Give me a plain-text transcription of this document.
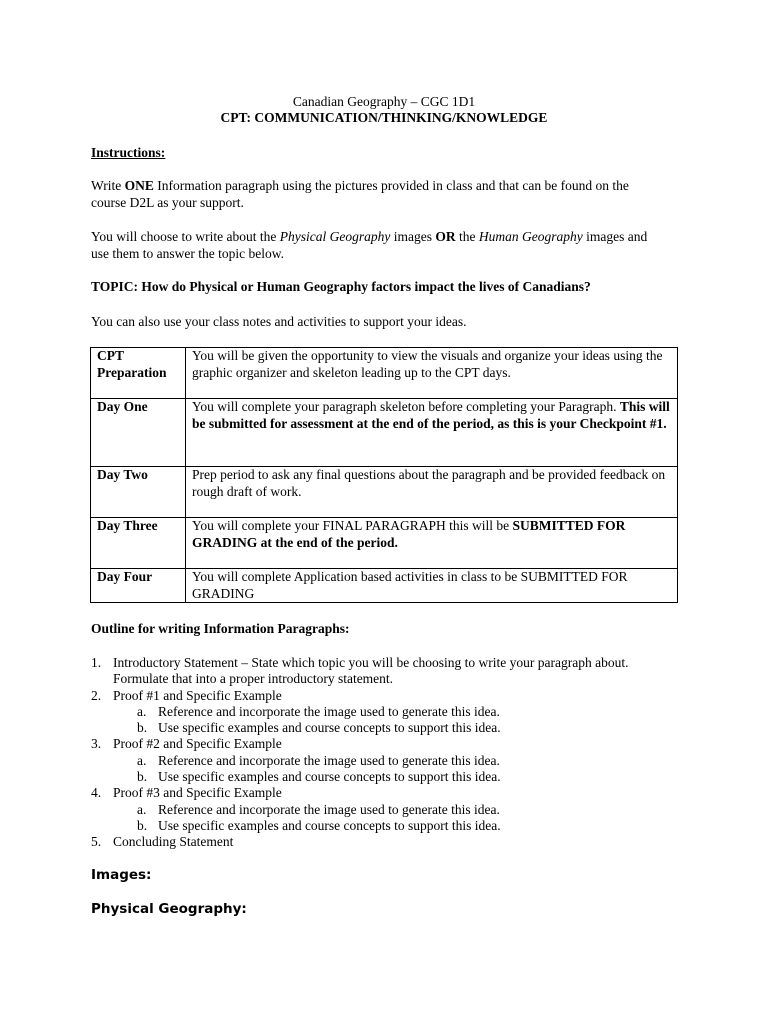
Canadian Geography – CGC 1D1
CPT: COMMUNICATION/THINKING/KNOWLEDGE
Instructions:
Write ONE Information paragraph using the pictures provided in class and that can be found on the
course D2L as your support.
You will choose to write about the Physical Geography images OR the Human Geography images and
use them to answer the topic below.
TOPIC: How do Physical or Human Geography factors impact the lives of Canadians?
You can also use your class notes and activities to support your ideas.
CPT Preparation	You will be given the opportunity to view the visuals and organize your ideas using the graphic organizer and skeleton leading up to the CPT days.
Day One	You will complete your paragraph skeleton before completing your Paragraph. This will be submitted for assessment at the end of the period, as this is your Checkpoint #1.
Day Two	Prep period to ask any final questions about the paragraph and be provided feedback on rough draft of work.
Day Three	You will complete your FINAL PARAGRAPH this will be SUBMITTED FOR GRADING at the end of the period.
Day Four	You will complete Application based activities in class to be SUBMITTED FOR GRADING
Outline for writing Information Paragraphs:
1. Introductory Statement – State which topic you will be choosing to write your paragraph about.
Formulate that into a proper introductory statement.
2. Proof #1 and Specific Example
a. Reference and incorporate the image used to generate this idea.
b. Use specific examples and course concepts to support this idea.
3. Proof #2 and Specific Example
a. Reference and incorporate the image used to generate this idea.
b. Use specific examples and course concepts to support this idea.
4. Proof #3 and Specific Example
a. Reference and incorporate the image used to generate this idea.
b. Use specific examples and course concepts to support this idea.
5. Concluding Statement
Images:
Physical Geography:
